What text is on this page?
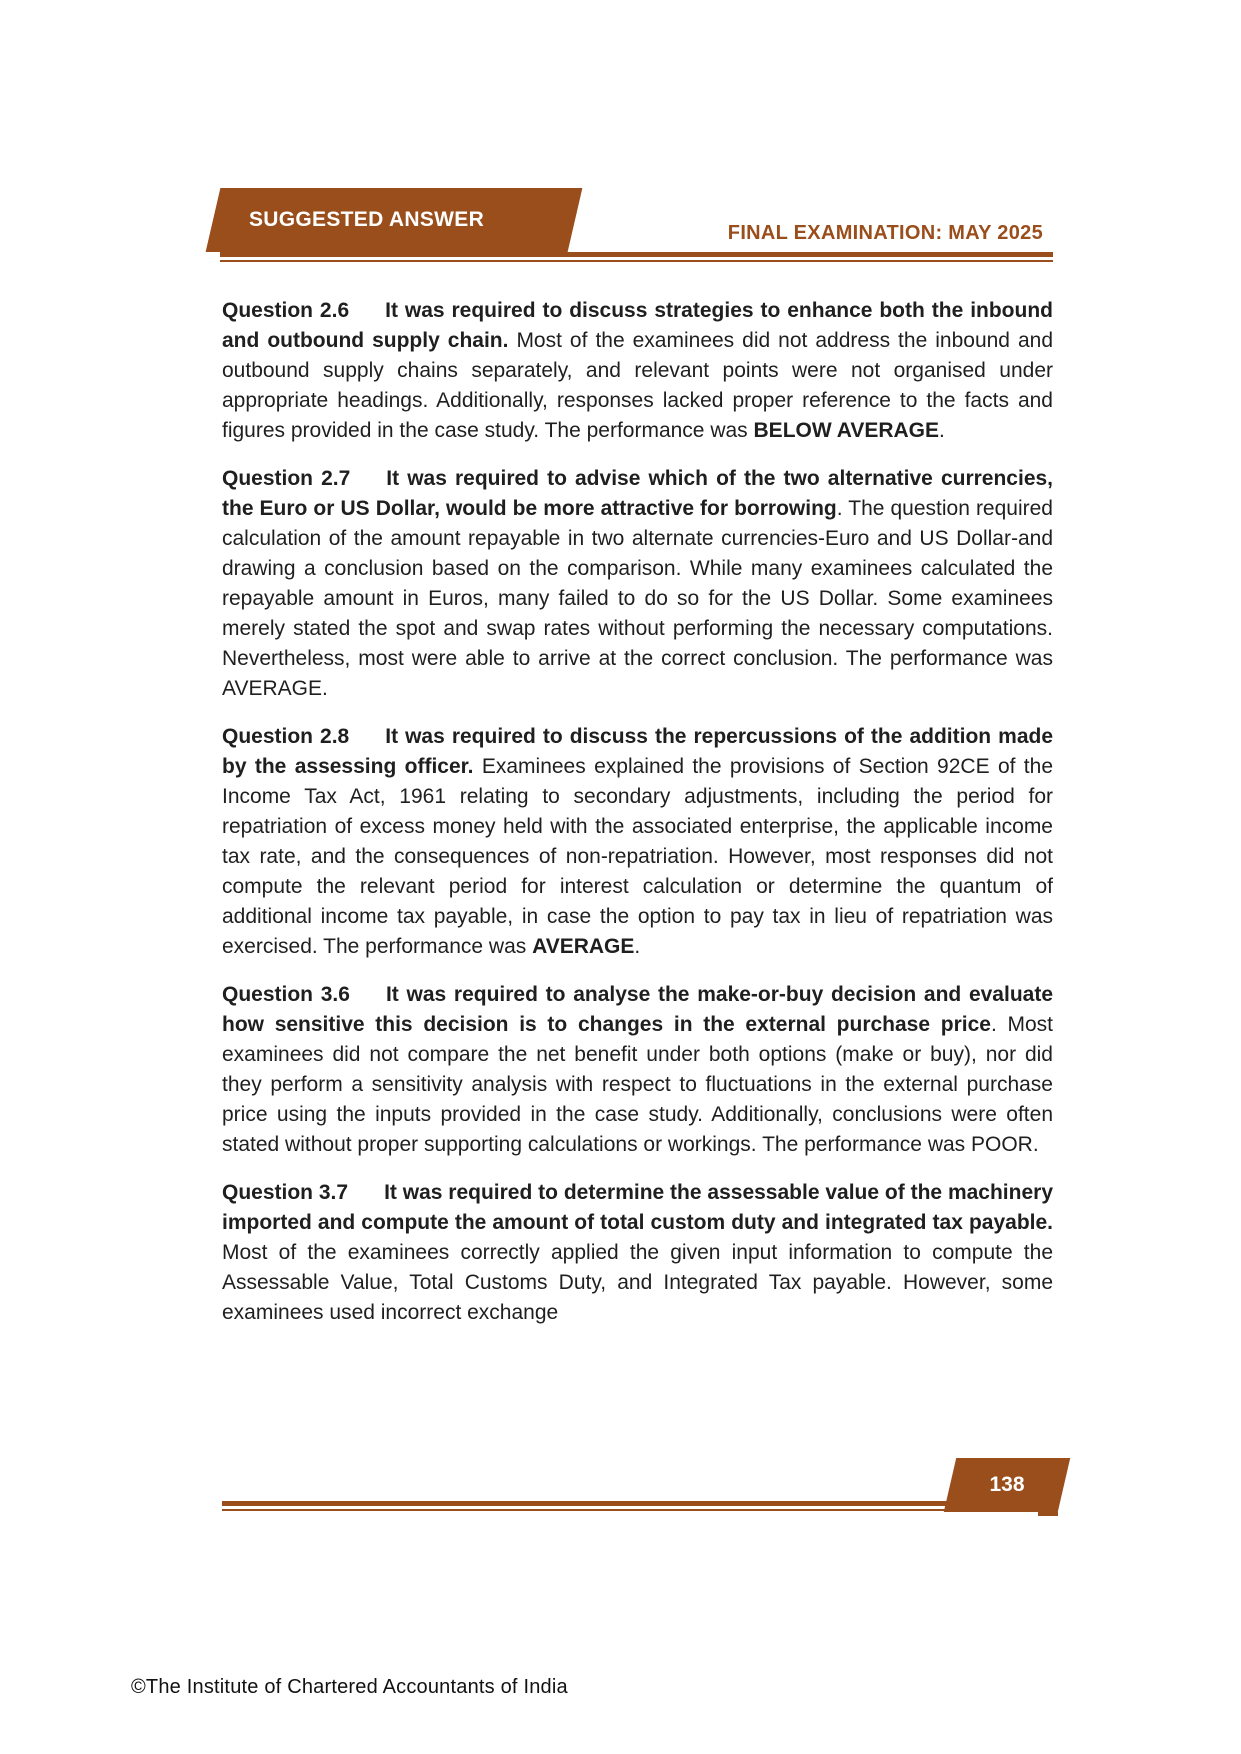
SUGGESTED ANSWER
FINAL EXAMINATION: MAY 2025

Question 2.6 It was required to discuss strategies to enhance both the inbound and outbound supply chain. Most of the examinees did not address the inbound and outbound supply chains separately, and relevant points were not organised under appropriate headings. Additionally, responses lacked proper reference to the facts and figures provided in the case study. The performance was BELOW AVERAGE.

Question 2.7 It was required to advise which of the two alternative currencies, the Euro or US Dollar, would be more attractive for borrowing. The question required calculation of the amount repayable in two alternate currencies-Euro and US Dollar-and drawing a conclusion based on the comparison. While many examinees calculated the repayable amount in Euros, many failed to do so for the US Dollar. Some examinees merely stated the spot and swap rates without performing the necessary computations. Nevertheless, most were able to arrive at the correct conclusion. The performance was AVERAGE.

Question 2.8 It was required to discuss the repercussions of the addition made by the assessing officer. Examinees explained the provisions of Section 92CE of the Income Tax Act, 1961 relating to secondary adjustments, including the period for repatriation of excess money held with the associated enterprise, the applicable income tax rate, and the consequences of non-repatriation. However, most responses did not compute the relevant period for interest calculation or determine the quantum of additional income tax payable, in case the option to pay tax in lieu of repatriation was exercised. The performance was AVERAGE.

Question 3.6 It was required to analyse the make-or-buy decision and evaluate how sensitive this decision is to changes in the external purchase price. Most examinees did not compare the net benefit under both options (make or buy), nor did they perform a sensitivity analysis with respect to fluctuations in the external purchase price using the inputs provided in the case study. Additionally, conclusions were often stated without proper supporting calculations or workings. The performance was POOR.

Question 3.7 It was required to determine the assessable value of the machinery imported and compute the amount of total custom duty and integrated tax payable. Most of the examinees correctly applied the given input information to compute the Assessable Value, Total Customs Duty, and Integrated Tax payable. However, some examinees used incorrect exchange

138
©The Institute of Chartered Accountants of India
